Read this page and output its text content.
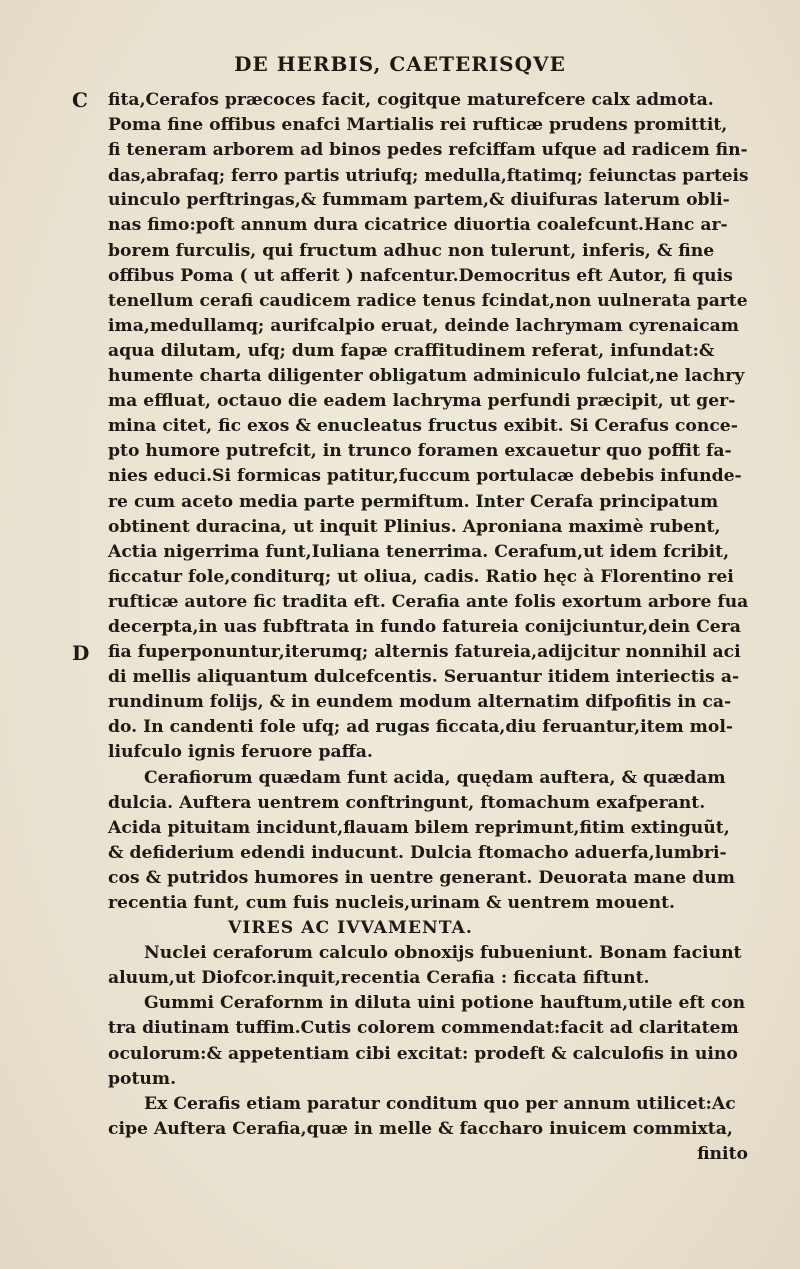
DE HERBIS, CAETERISQVE
C
D
fita,Cerafos præcoces facit, cogitque maturefcere calx admota.
Poma fine offibus enafci Martialis rei rufticæ prudens promittit,
fi teneram arborem ad binos pedes refciffam ufque ad radicem fin-
das,abrafaq; ferro partis utriufq; medulla,ftatimq; feiunctas parteis
uinculo perftringas,& fummam partem,& diuifuras laterum obli-
nas fimo:poft annum dura cicatrice diuortia coalefcunt.Hanc ar-
borem furculis, qui fructum adhuc non tulerunt, inferis, & fine
offibus Poma ( ut afferit ) nafcentur.Democritus eft Autor, fi quis
tenellum cerafi caudicem radice tenus fcindat,non uulnerata parte
ima,medullamq; aurifcalpio eruat, deinde lachrymam cyrenaicam
aqua dilutam, ufq; dum fapæ craffitudinem referat, infundat:&
humente charta diligenter obligatum adminiculo fulciat,ne lachry
ma effluat, octauo die eadem lachryma perfundi præcipit, ut ger-
mina citet, fic exos & enucleatus fructus exibit. Si Cerafus conce-
pto humore putrefcit, in trunco foramen excauetur quo poffit fa-
nies educi.Si formicas patitur,fuccum portulacæ debebis infunde-
re cum aceto media parte permiftum. Inter Cerafa principatum
obtinent duracina, ut inquit Plinius. Aproniana maximè rubent,
Actia nigerrima funt,Iuliana tenerrima. Cerafum,ut idem fcribit,
ficcatur fole,conditurq; ut oliua, cadis. Ratio hęc à Florentino rei
rufticæ autore fic tradita eft. Cerafia ante folis exortum arbore fua
decerpta,in uas fubftrata in fundo fatureia conijciuntur,dein Cera
fia fuperponuntur,iterumq; alternis fatureia,adijcitur nonnihil aci
di mellis aliquantum dulcefcentis. Seruantur itidem interiectis a-
rundinum folijs, & in eundem modum alternatim difpofitis in ca-
do. In candenti fole ufq; ad rugas ficcata,diu feruantur,item mol-
liufculo ignis feruore paffa.
Cerafiorum quædam funt acida, quędam auftera, & quædam
dulcia. Auftera uentrem conftringunt, ftomachum exafperant.
Acida pituitam incidunt,flauam bilem reprimunt,fitim extinguũt,
& defiderium edendi inducunt. Dulcia ftomacho aduerfa,lumbri-
cos & putridos humores in uentre generant. Deuorata mane dum
recentia funt, cum fuis nucleis,urinam & uentrem mouent.
VIRES AC IVVAMENTA.
Nuclei ceraforum calculo obnoxijs fubueniunt. Bonam faciunt
aluum,ut Diofcor.inquit,recentia Cerafia : ficcata fiftunt.
Gummi Cerafornm in diluta uini potione hauftum,utile eft con
tra diutinam tuffim.Cutis colorem commendat:facit ad claritatem
oculorum:& appetentiam cibi excitat: prodeft & calculofis in uino
potum.
Ex Cerafis etiam paratur conditum quo per annum utilicet:Ac
cipe Auftera Cerafia,quæ in melle & faccharo inuicem commixta,
finito
